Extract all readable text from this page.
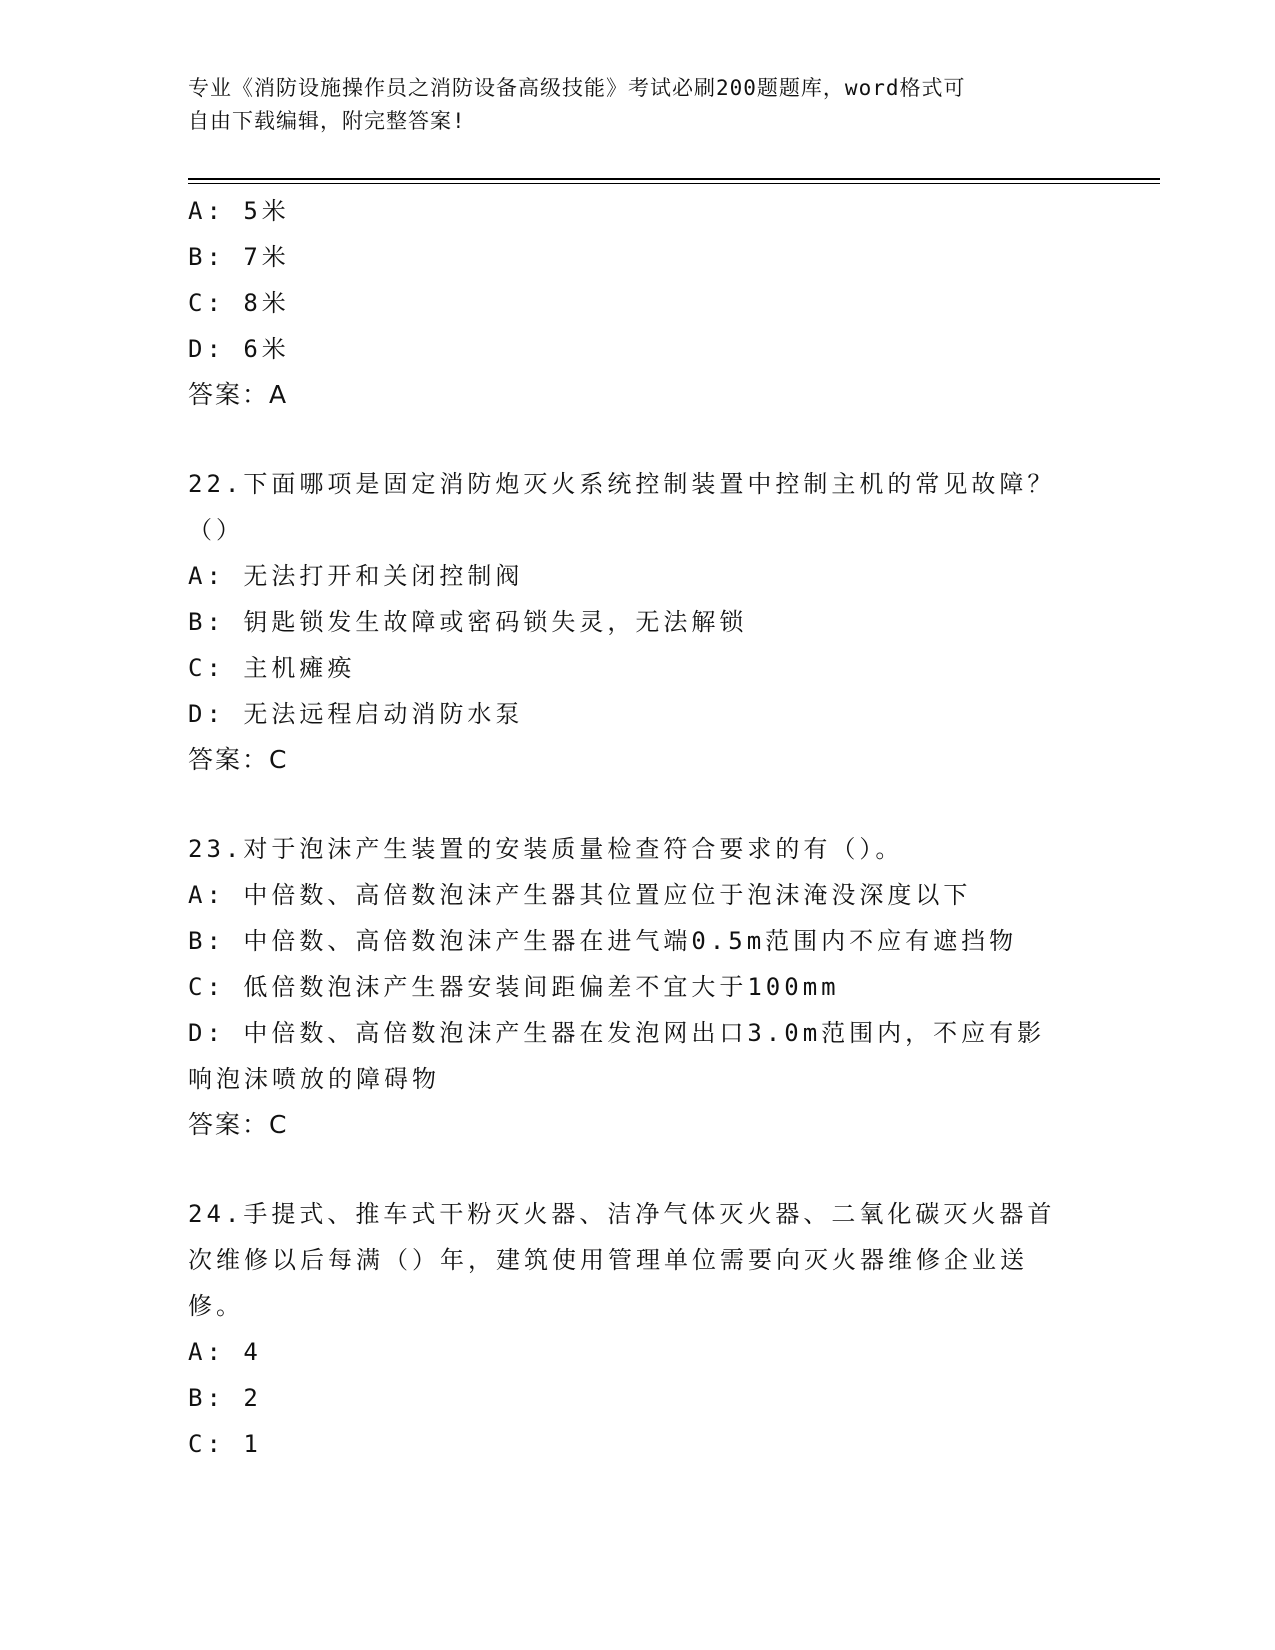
专业《消防设施操作员之消防设备高级技能》考试必刷200题题库，word格式可
自由下载编辑，附完整答案!
A: 5米
B: 7米
C: 8米
D: 6米
答案：A
22.下面哪项是固定消防炮灭火系统控制装置中控制主机的常见故障？（）
A: 无法打开和关闭控制阀
B: 钥匙锁发生故障或密码锁失灵，无法解锁
C: 主机瘫痪
D: 无法远程启动消防水泵
答案：C
23.对于泡沫产生装置的安装质量检查符合要求的有（）。
A: 中倍数、高倍数泡沫产生器其位置应位于泡沫淹没深度以下
B: 中倍数、高倍数泡沫产生器在进气端0.5m范围内不应有遮挡物
C: 低倍数泡沫产生器安装间距偏差不宜大于100mm
D: 中倍数、高倍数泡沫产生器在发泡网出口3.0m范围内，不应有影响泡沫喷放的障碍物
答案：C
24.手提式、推车式干粉灭火器、洁净气体灭火器、二氧化碳灭火器首次维修以后每满（）年，建筑使用管理单位需要向灭火器维修企业送修。
A: 4
B: 2
C: 1
